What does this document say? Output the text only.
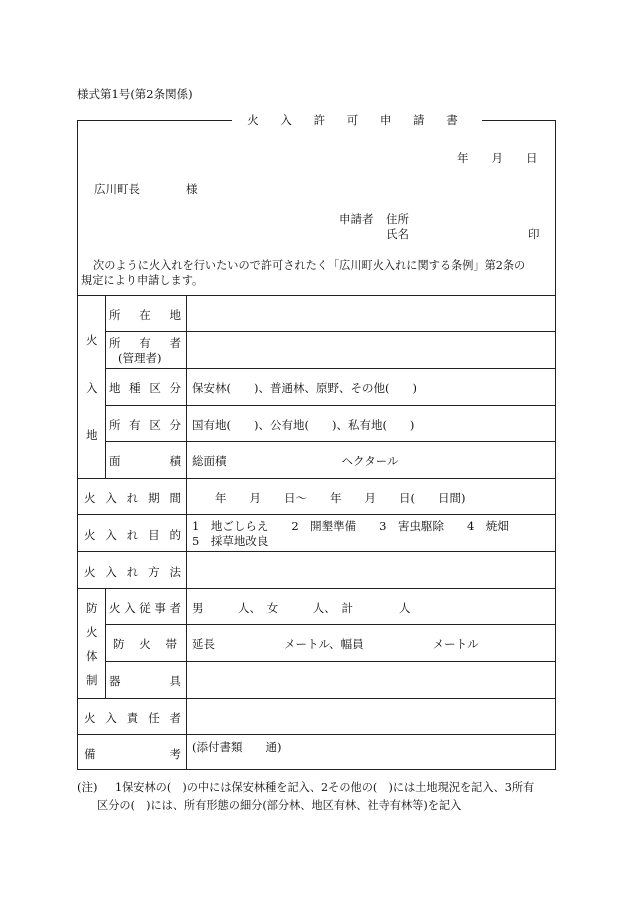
様式第1号(第2条関係)
火 入 許 可 申 請 書
年　　月　　日
広川町長　　　　様
申請者 住所
氏名	印
次のように火入れを行いたいので許可されたく「広川町火入れに関する条例」第2条の
規定により申請します。
火
入
地
所 在 地
所 有 者
(管理者)
地 種 区 分 保安林(　　)、普通林、原野、その他(　　)
所 有 区 分 国有地(　　)、公有地(　　)、私有地(　　)
面	積 総面積　　　　　　　　　　ヘクタール
火 入 れ 期 間 　　年　　月　　日〜　　年　　月　　日(　　日間)
火 入 れ 目 的
1　地ごしらえ　　2　開墾準備　　3　害虫駆除　　4　焼畑
5　採草地改良
火 入 れ 方 法
防
火
体
制
火 入 従 事 者 男　　　人、　女　　　人、　計　　　　人
防 火 帯 延長　　　　　　メートル、幅員　　　　　　メートル
器	具
火 入 責 任 者
備	考 (添付書類　　通)
(注) 1保安林の(　)の中には保安林種を記入、2その他の(　)には土地現況を記入、3所有
区分の(　)には、所有形態の細分(部分林、地区有林、社寺有林等)を記入
